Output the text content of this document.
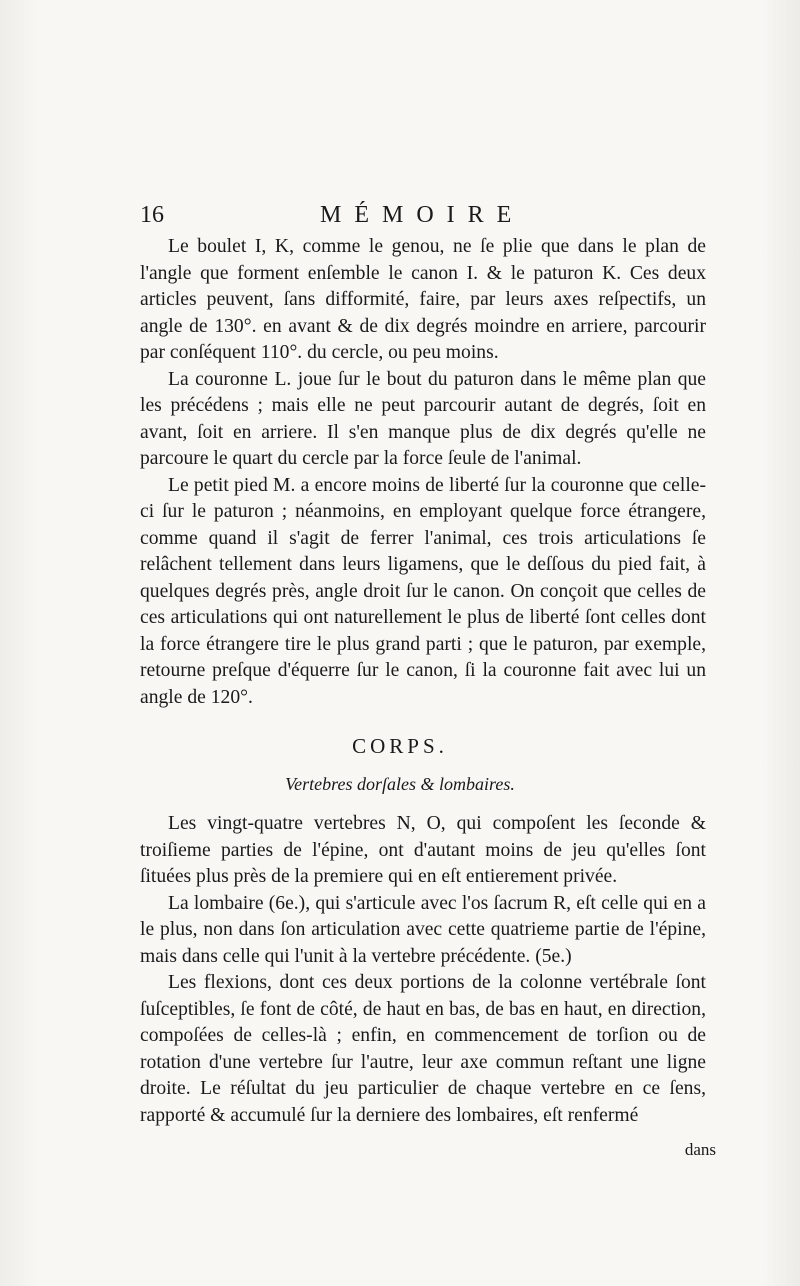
16	MÉMOIRE

Le boulet I, K, comme le genou, ne ſe plie que dans le plan de l'angle que forment enſemble le canon I. & le paturon K. Ces deux articles peuvent, ſans difformité, faire, par leurs axes reſpectifs, un angle de 130°. en avant & de dix degrés moindre en arriere, parcourir par conſéquent 110°. du cercle, ou peu moins.

La couronne L. joue ſur le bout du paturon dans le même plan que les précédens ; mais elle ne peut parcourir autant de degrés, ſoit en avant, ſoit en arriere. Il s'en manque plus de dix degrés qu'elle ne parcoure le quart du cercle par la force ſeule de l'animal.

Le petit pied M. a encore moins de liberté ſur la couronne que celle-ci ſur le paturon ; néanmoins, en employant quelque force étrangere, comme quand il s'agit de ferrer l'animal, ces trois articulations ſe relâchent tellement dans leurs ligamens, que le deſſous du pied fait, à quelques degrés près, angle droit ſur le canon. On conçoit que celles de ces articulations qui ont naturellement le plus de liberté ſont celles dont la force étrangere tire le plus grand parti ; que le paturon, par exemple, retourne preſque d'équerre ſur le canon, ſi la couronne fait avec lui un angle de 120°.

CORPS.
Vertebres dorſales & lombaires.

Les vingt-quatre vertebres N, O, qui compoſent les ſeconde & troiſieme parties de l'épine, ont d'autant moins de jeu qu'elles ſont ſituées plus près de la premiere qui en eſt entierement privée.

La lombaire (6e.), qui s'articule avec l'os ſacrum R, eſt celle qui en a le plus, non dans ſon articulation avec cette quatrieme partie de l'épine, mais dans celle qui l'unit à la vertebre précédente. (5e.)

Les flexions, dont ces deux portions de la colonne vertébrale ſont ſuſceptibles, ſe font de côté, de haut en bas, de bas en haut, en direction, compoſées de celles-là ; enfin, en commencement de torſion ou de rotation d'une vertebre ſur l'autre, leur axe commun reſtant une ligne droite. Le réſultat du jeu particulier de chaque vertebre en ce ſens, rapporté & accumulé ſur la derniere des lombaires, eſt renfermé

dans
